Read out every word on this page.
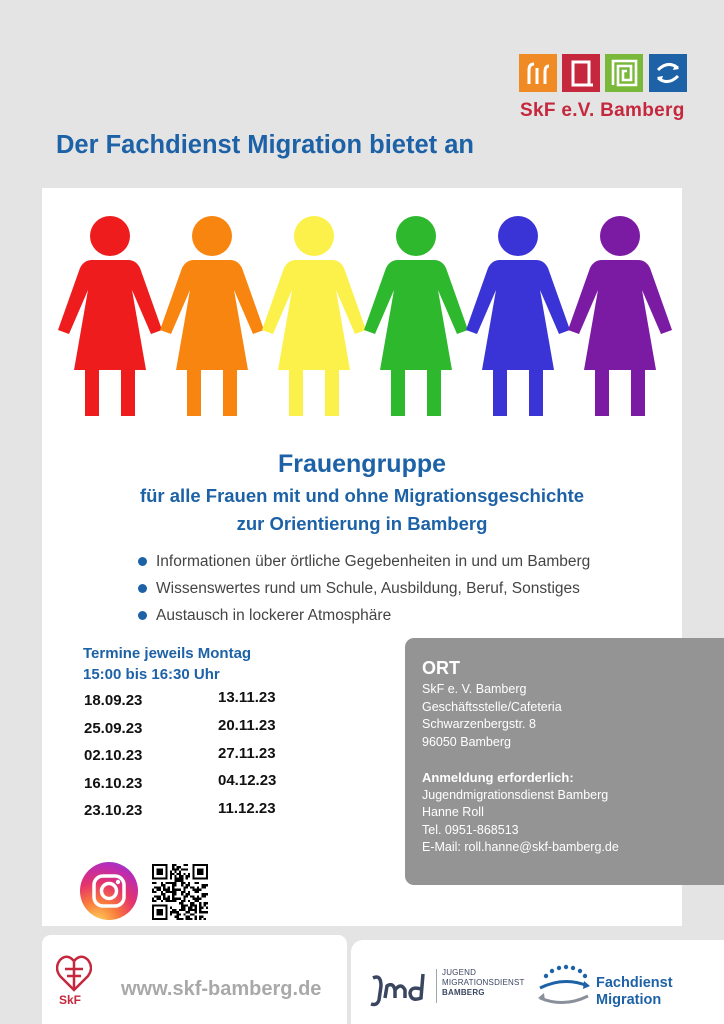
SkF e.V. Bamberg
Der Fachdienst Migration bietet an
Frauengruppe
für alle Frauen mit und ohne Migrationsgeschichte
zur Orientierung in Bamberg
Informationen über örtliche Gegebenheiten in und um Bamberg
Wissenswertes rund um Schule, Ausbildung, Beruf, Sonstiges
Austausch in lockerer Atmosphäre
Termine jeweils Montag
15:00 bis 16:30 Uhr
18.09.23
25.09.23
02.10.23
16.10.23
23.10.23
13.11.23
20.11.23
27.11.23
04.12.23
11.12.23
ORT
SkF e. V. Bamberg
Geschäftsstelle/Cafeteria
Schwarzenbergstr. 8
96050 Bamberg
Anmeldung erforderlich:
Jugendmigrationsdienst Bamberg
Hanne Roll
Tel. 0951-868513
E-Mail: roll.hanne@skf-bamberg.de
SkF www.skf-bamberg.de
JUGEND
MIGRATIONSDIENST
BAMBERG
Fachdienst
Migration
